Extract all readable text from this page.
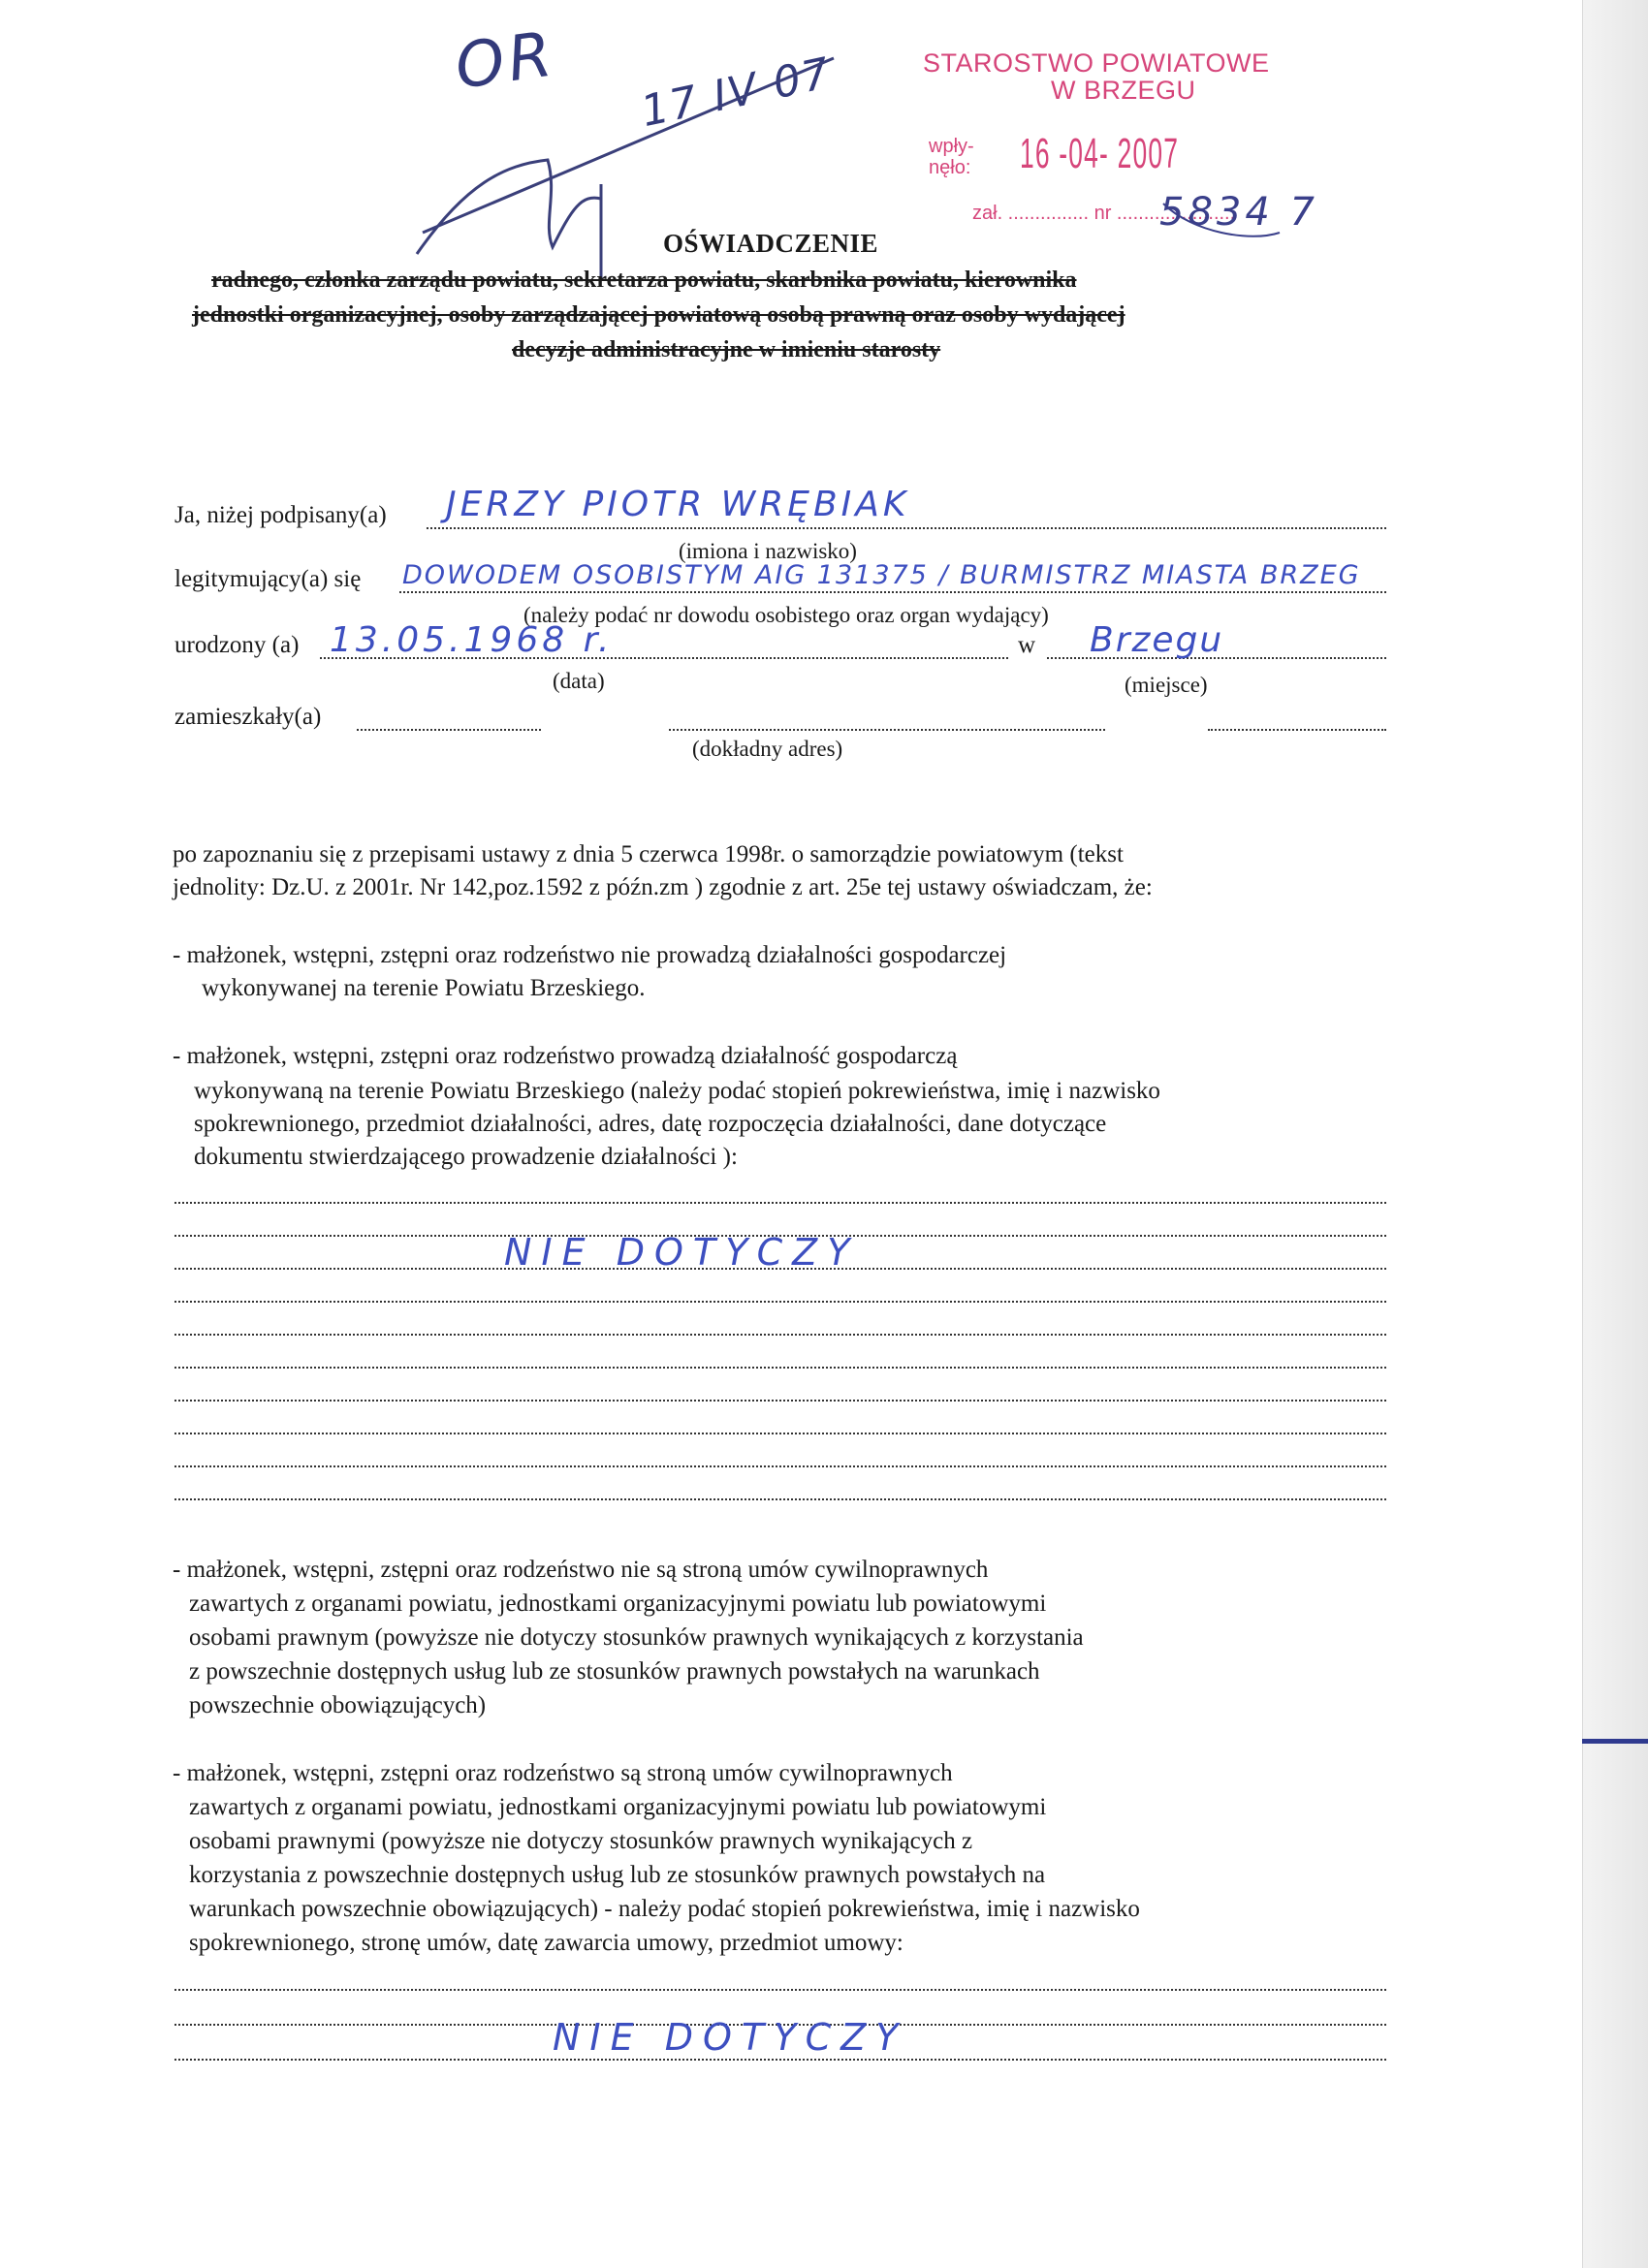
STAROSTWO POWIATOWE
W BRZEGU
wpły-
nęło: 16 -04- 2007
zał. ............... nr ......................
5834 7
OR 17 IV 07
OŚWIADCZENIE
radnego, członka zarządu powiatu, sekretarza powiatu, skarbnika powiatu, kierownika
jednostki organizacyjnej, osoby zarządzającej powiatową osobą prawną oraz osoby wydającej
decyzje administracyjne w imieniu starosty
Ja, niżej podpisany(a) JERZY PIOTR WRĘBIAK
(imiona i nazwisko)
legitymujący(a) się DOWODEM OSOBISTYM AIG 131375 / BURMISTRZ MIASTA BRZEG
(należy podać nr dowodu osobistego oraz organ wydający)
urodzony (a) 13.05.1968 r.	w Brzegu
(data)	(miejsce)
zamieszkały(a)
(dokładny adres)
po zapoznaniu się z przepisami ustawy z dnia 5 czerwca 1998r. o samorządzie powiatowym (tekst
jednolity: Dz.U. z 2001r. Nr 142,poz.1592 z późn.zm ) zgodnie z art. 25e tej ustawy oświadczam, że:
- małżonek, wstępni, zstępni oraz rodzeństwo nie prowadzą działalności gospodarczej
wykonywanej na terenie Powiatu Brzeskiego.
- małżonek, wstępni, zstępni oraz rodzeństwo prowadzą działalność gospodarczą
wykonywaną na terenie Powiatu Brzeskiego (należy podać stopień pokrewieństwa, imię i nazwisko
spokrewnionego, przedmiot działalności, adres, datę rozpoczęcia działalności, dane dotyczące
dokumentu stwierdzającego prowadzenie działalności ):
NIE DOTYCZY
- małżonek, wstępni, zstępni oraz rodzeństwo nie są stroną umów cywilnoprawnych
zawartych z organami powiatu, jednostkami organizacyjnymi powiatu lub powiatowymi
osobami prawnym (powyższe nie dotyczy stosunków prawnych wynikających z korzystania
z powszechnie dostępnych usług lub ze stosunków prawnych powstałych na warunkach
powszechnie obowiązujących)
- małżonek, wstępni, zstępni oraz rodzeństwo są stroną umów cywilnoprawnych
zawartych z organami powiatu, jednostkami organizacyjnymi powiatu lub powiatowymi
osobami prawnymi (powyższe nie dotyczy stosunków prawnych wynikających z
korzystania z powszechnie dostępnych usług lub ze stosunków prawnych powstałych na
warunkach powszechnie obowiązujących) - należy podać stopień pokrewieństwa, imię i nazwisko
spokrewnionego, stronę umów, datę zawarcia umowy, przedmiot umowy:
NIE DOTYCZY
